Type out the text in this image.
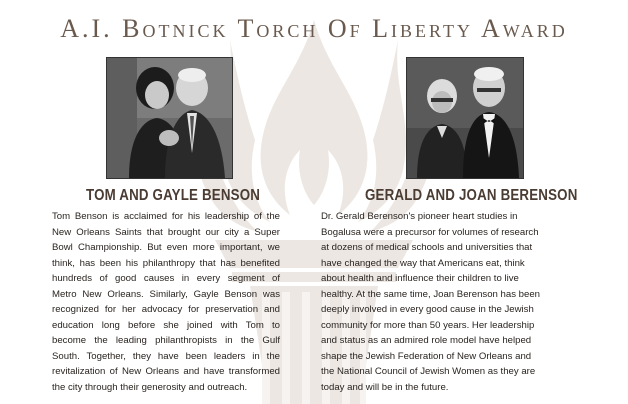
A.I. Botnick Torch Of Liberty Award
TOM AND GAYLE BENSON	GERALD AND JOAN BERENSON
Tom Benson is acclaimed for his leadership of the
New Orleans Saints that brought our city a Super
Bowl Championship. But even more important, we
think, has been his philanthropy that has benefited
hundreds of good causes in every segment of
Metro New Orleans. Similarly, Gayle Benson was
recognized for her advocacy for preservation and
education long before she joined with Tom to
become the leading philanthropists in the Gulf
South. Together, they have been leaders in the
revitalization of New Orleans and have transformed
the city through their generosity and outreach.
Dr. Gerald Berenson's pioneer heart studies in
Bogalusa were a precursor for volumes of research
at dozens of medical schools and universities that
have changed the way that Americans eat, think
about health and influence their children to live
healthy. At the same time, Joan Berenson has been
deeply involved in every good cause in the Jewish
community for more than 50 years. Her leadership
and status as an admired role model have helped
shape the Jewish Federation of New Orleans and
the National Council of Jewish Women as they are
today and will be in the future.
